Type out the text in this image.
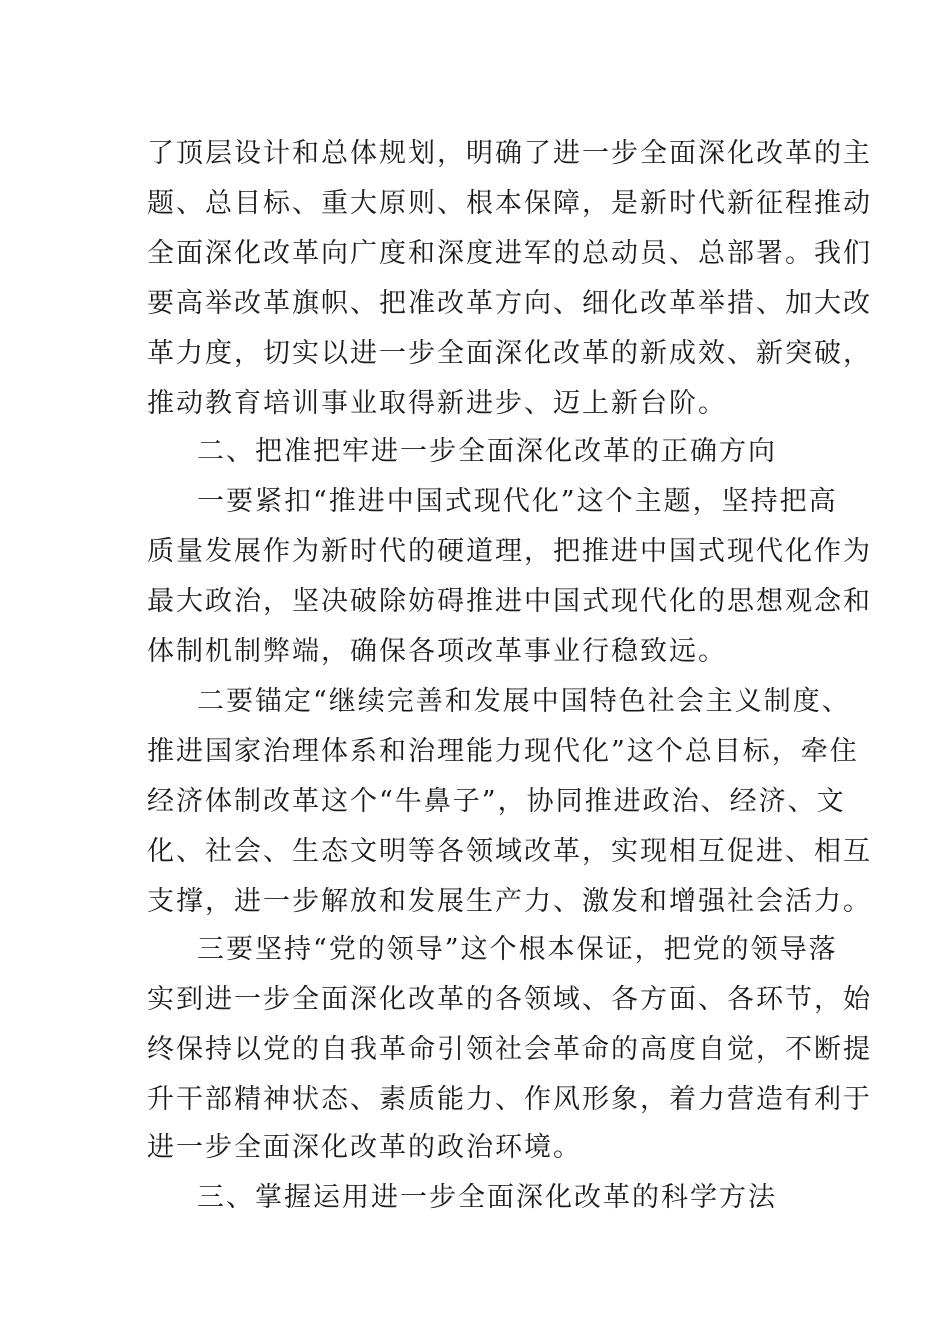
了顶层设计和总体规划，明确了进一步全面深化改革的主
题、总目标、重大原则、根本保障，是新时代新征程推动
全面深化改革向广度和深度进军的总动员、总部署。我们
要高举改革旗帜、把准改革方向、细化改革举措、加大改
革力度，切实以进一步全面深化改革的新成效、新突破，
推动教育培训事业取得新进步、迈上新台阶。
二、把准把牢进一步全面深化改革的正确方向
一要紧扣“推进中国式现代化”这个主题，坚持把高
质量发展作为新时代的硬道理，把推进中国式现代化作为
最大政治，坚决破除妨碍推进中国式现代化的思想观念和
体制机制弊端，确保各项改革事业行稳致远。
二要锚定“继续完善和发展中国特色社会主义制度、
推进国家治理体系和治理能力现代化”这个总目标，牵住
经济体制改革这个“牛鼻子”，协同推进政治、经济、文
化、社会、生态文明等各领域改革，实现相互促进、相互
支撑，进一步解放和发展生产力、激发和增强社会活力。
三要坚持“党的领导”这个根本保证，把党的领导落
实到进一步全面深化改革的各领域、各方面、各环节，始
终保持以党的自我革命引领社会革命的高度自觉，不断提
升干部精神状态、素质能力、作风形象，着力营造有利于
进一步全面深化改革的政治环境。
三、掌握运用进一步全面深化改革的科学方法
